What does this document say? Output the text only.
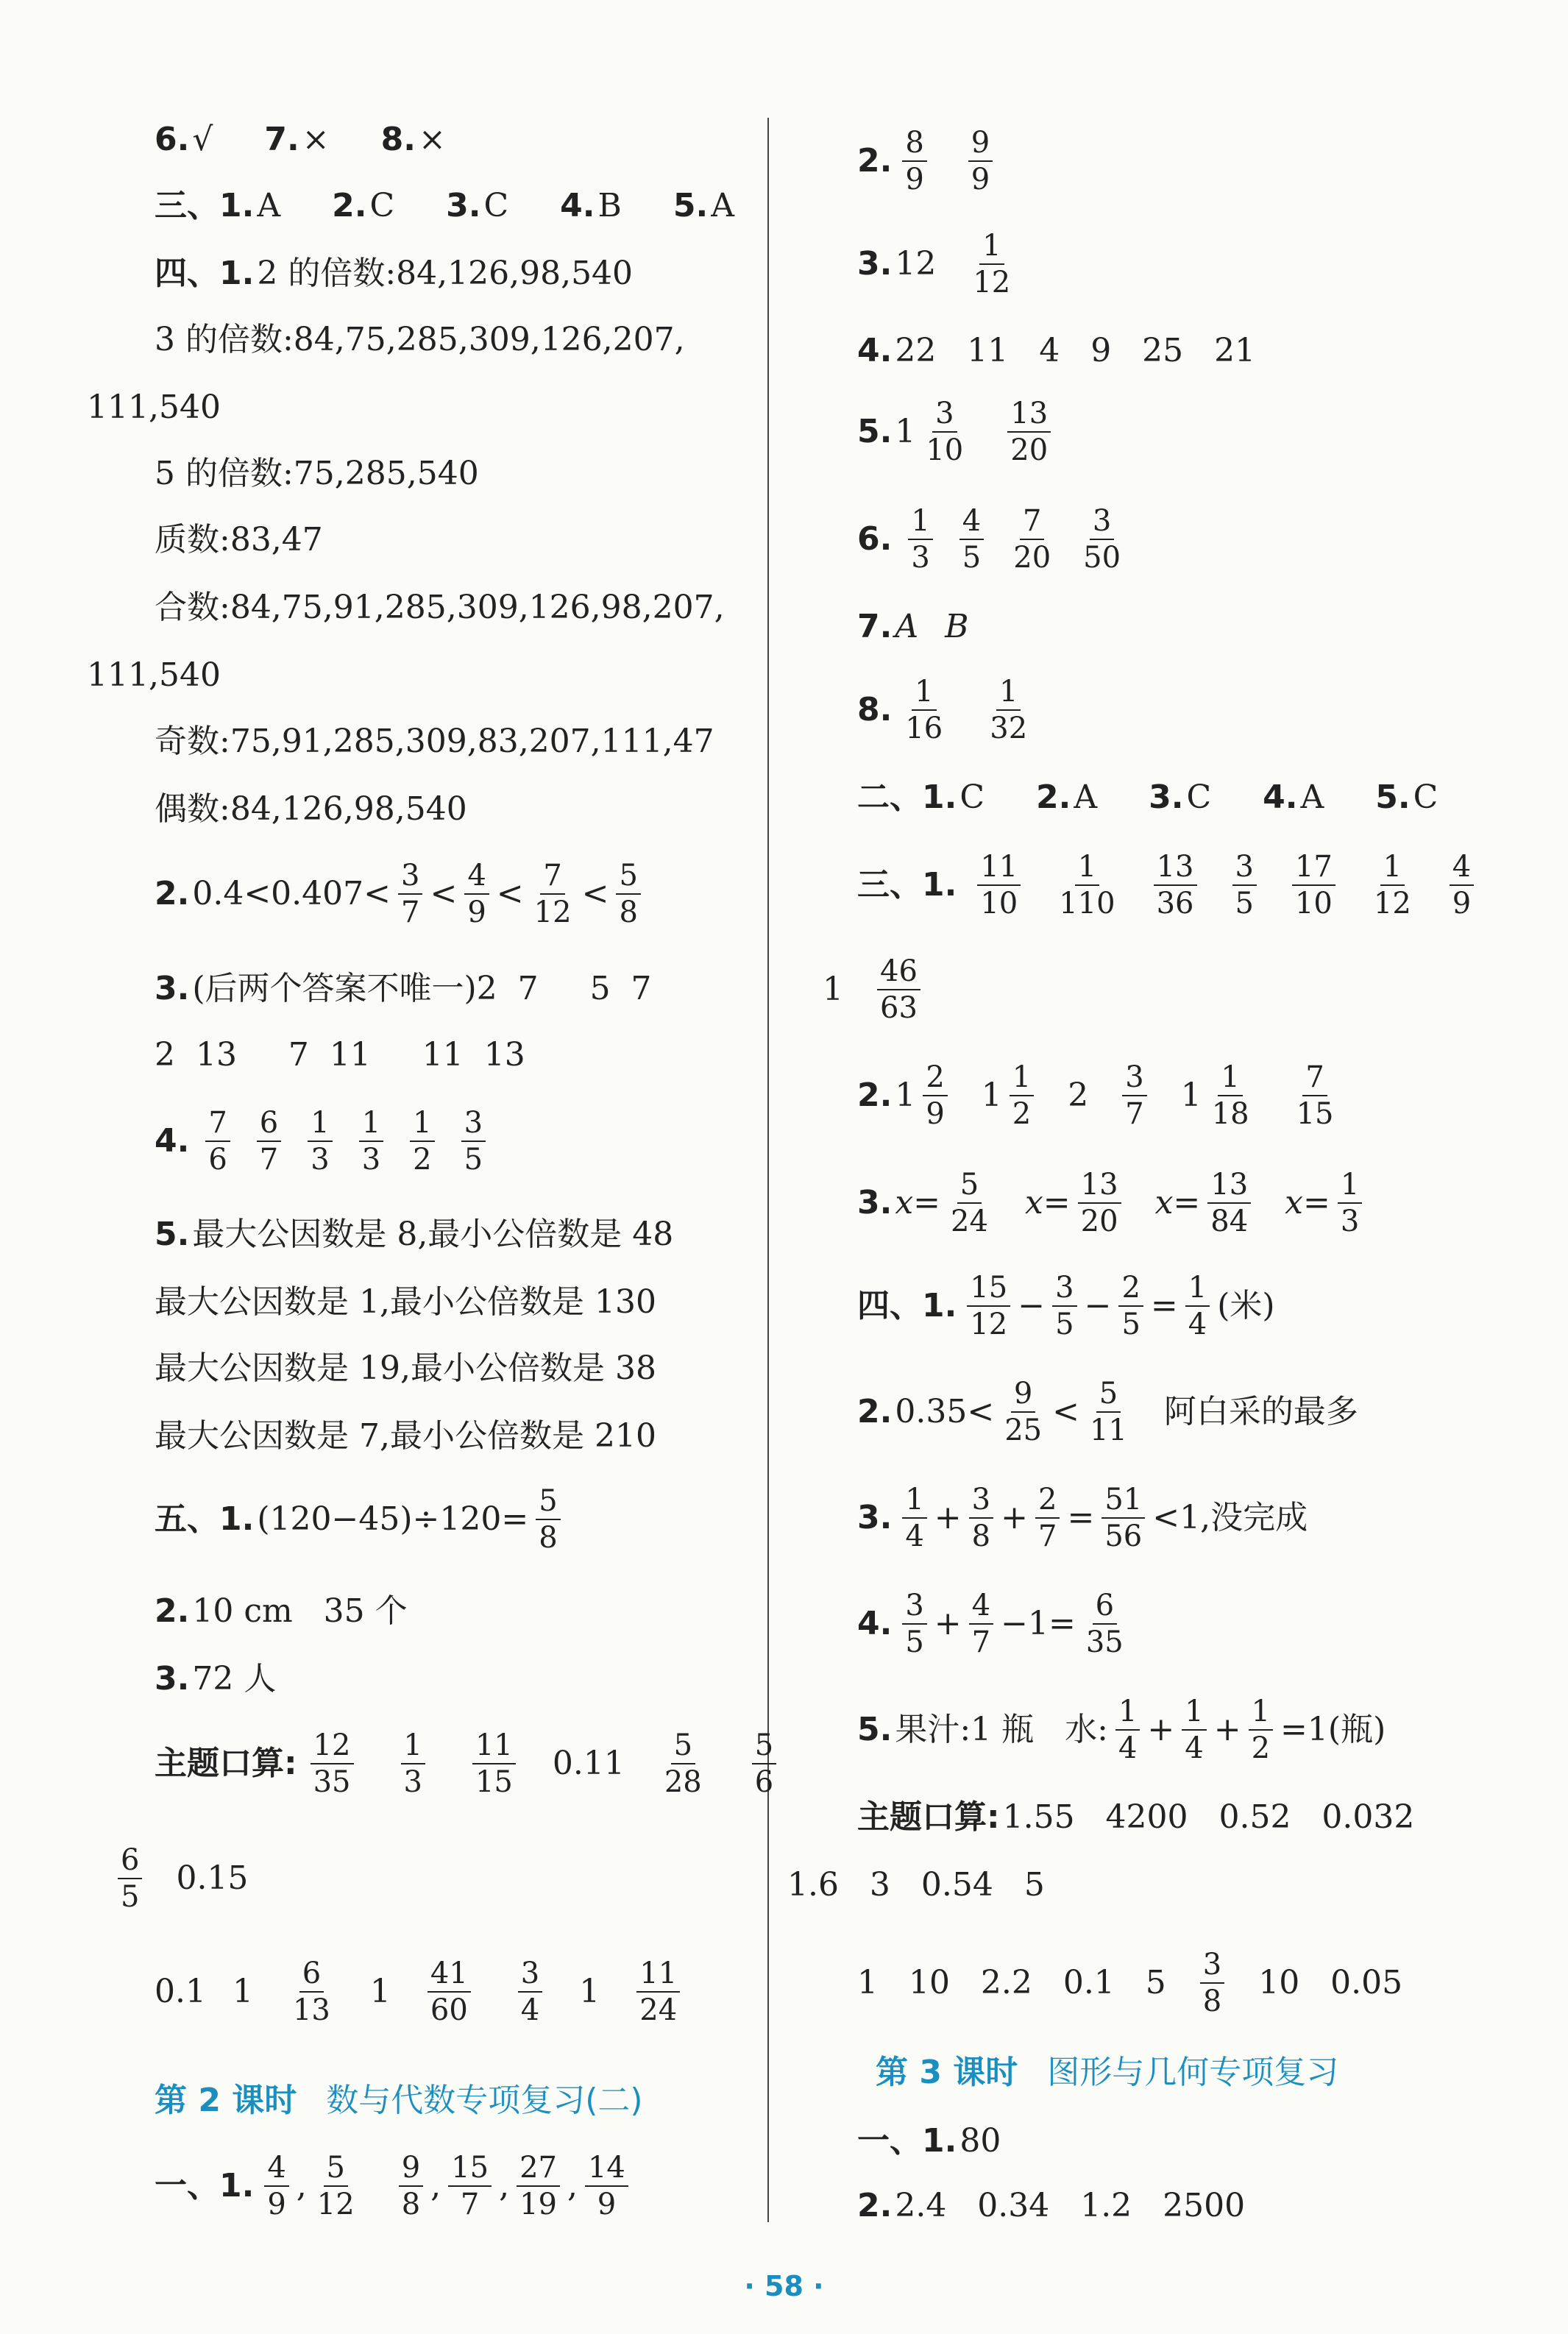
6. √ 7. × 8. ×
三、1. A 2. C 3. C 4. B 5. A
四、1. 2 的倍数:84,126,98,540
3 的倍数:84,75,285,309,126,207,
111,540
5 的倍数:75,285,540
质数:83,47
合数:84,75,91,285,309,126,98,207,
111,540
奇数:75,91,285,309,83,207,111,47
偶数:84,126,98,540
2. $0.4<0.407< \frac{3}{7} < \frac{4}{9} < \frac{7}{12} < \frac{5}{8}$
3. (后两个答案不唯一)2  7     5  7
2  13     7  11     11  13
4. $\frac{7}{6} \frac{6}{7} \frac{1}{3} \frac{1}{3} \frac{1}{2} \frac{3}{5}$
5. 最大公因数是 8,最小公倍数是 48
最大公因数是 1,最小公倍数是 130
最大公因数是 19,最小公倍数是 38
最大公因数是 7,最小公倍数是 210
五、1. $(120-45)\div 120= \frac{5}{8}$
2. 10 cm   35 个
3. 72 人
主题口算: $\frac{12}{35} \frac{1}{3} \frac{11}{15} 0.11 \frac{5}{28} \frac{5}{6}$
$\frac{6}{5} 0.15$
0.1 $1 \frac{6}{13} 1 \frac{41}{60} \frac{3}{4} 1 \frac{11}{24}$
第 2 课时 数与代数专项复习(二)
一、1. $\frac{4}{9}$ , $\frac{5}{12} \frac{9}{8}$ , $\frac{15}{7}$ , $\frac{27}{19}$ , $\frac{14}{9}$
2. $\frac{8}{9} \frac{9}{9}$
3. $12 \frac{1}{12}$
4. 22   11   4   9   25   21
5. $1 \frac{3}{10} \frac{13}{20}$
6. $\frac{1}{3} \frac{4}{5} \frac{7}{20} \frac{3}{50}$
7. A B
8. $\frac{1}{16} \frac{1}{32}$
二、1. C 2. A 3. C 4. A 5. C
三、1. $\frac{11}{10} \frac{1}{110} \frac{13}{36} \frac{3}{5} \frac{17}{10} \frac{1}{12} \frac{4}{9}$
$1 \frac{46}{63}$
2. $1 \frac{2}{9} 1 \frac{1}{2} 2 \frac{3}{7} 1 \frac{1}{18} \frac{7}{15}$
3. $x = \frac{5}{24}$ $x = \frac{13}{20}$ $x = \frac{13}{84}$ $x = \frac{1}{3}$
四、1. $\frac{15}{12} - \frac{3}{5} - \frac{2}{5} = \frac{1}{4}$ (米)
2. $0.35< \frac{9}{25} < \frac{5}{11}$ 阿白采的最多
3. $\frac{1}{4} + \frac{3}{8} + \frac{2}{7} = \frac{51}{56} <1$,没完成
4. $\frac{3}{5} + \frac{4}{7} -1= \frac{6}{35}$
5. 果汁:1 瓶   水: $\frac{1}{4} + \frac{1}{4} + \frac{1}{2} =1$(瓶)
主题口算: 1.55   4200   0.52   0.032
1.6   3   0.54   5
1   10   2.2   0.1   $5 \frac{3}{8} 10$   0.05
第 3 课时 图形与几何专项复习
一、1. 80
2. 2.4   0.34   1.2   2500
· 58 ·
